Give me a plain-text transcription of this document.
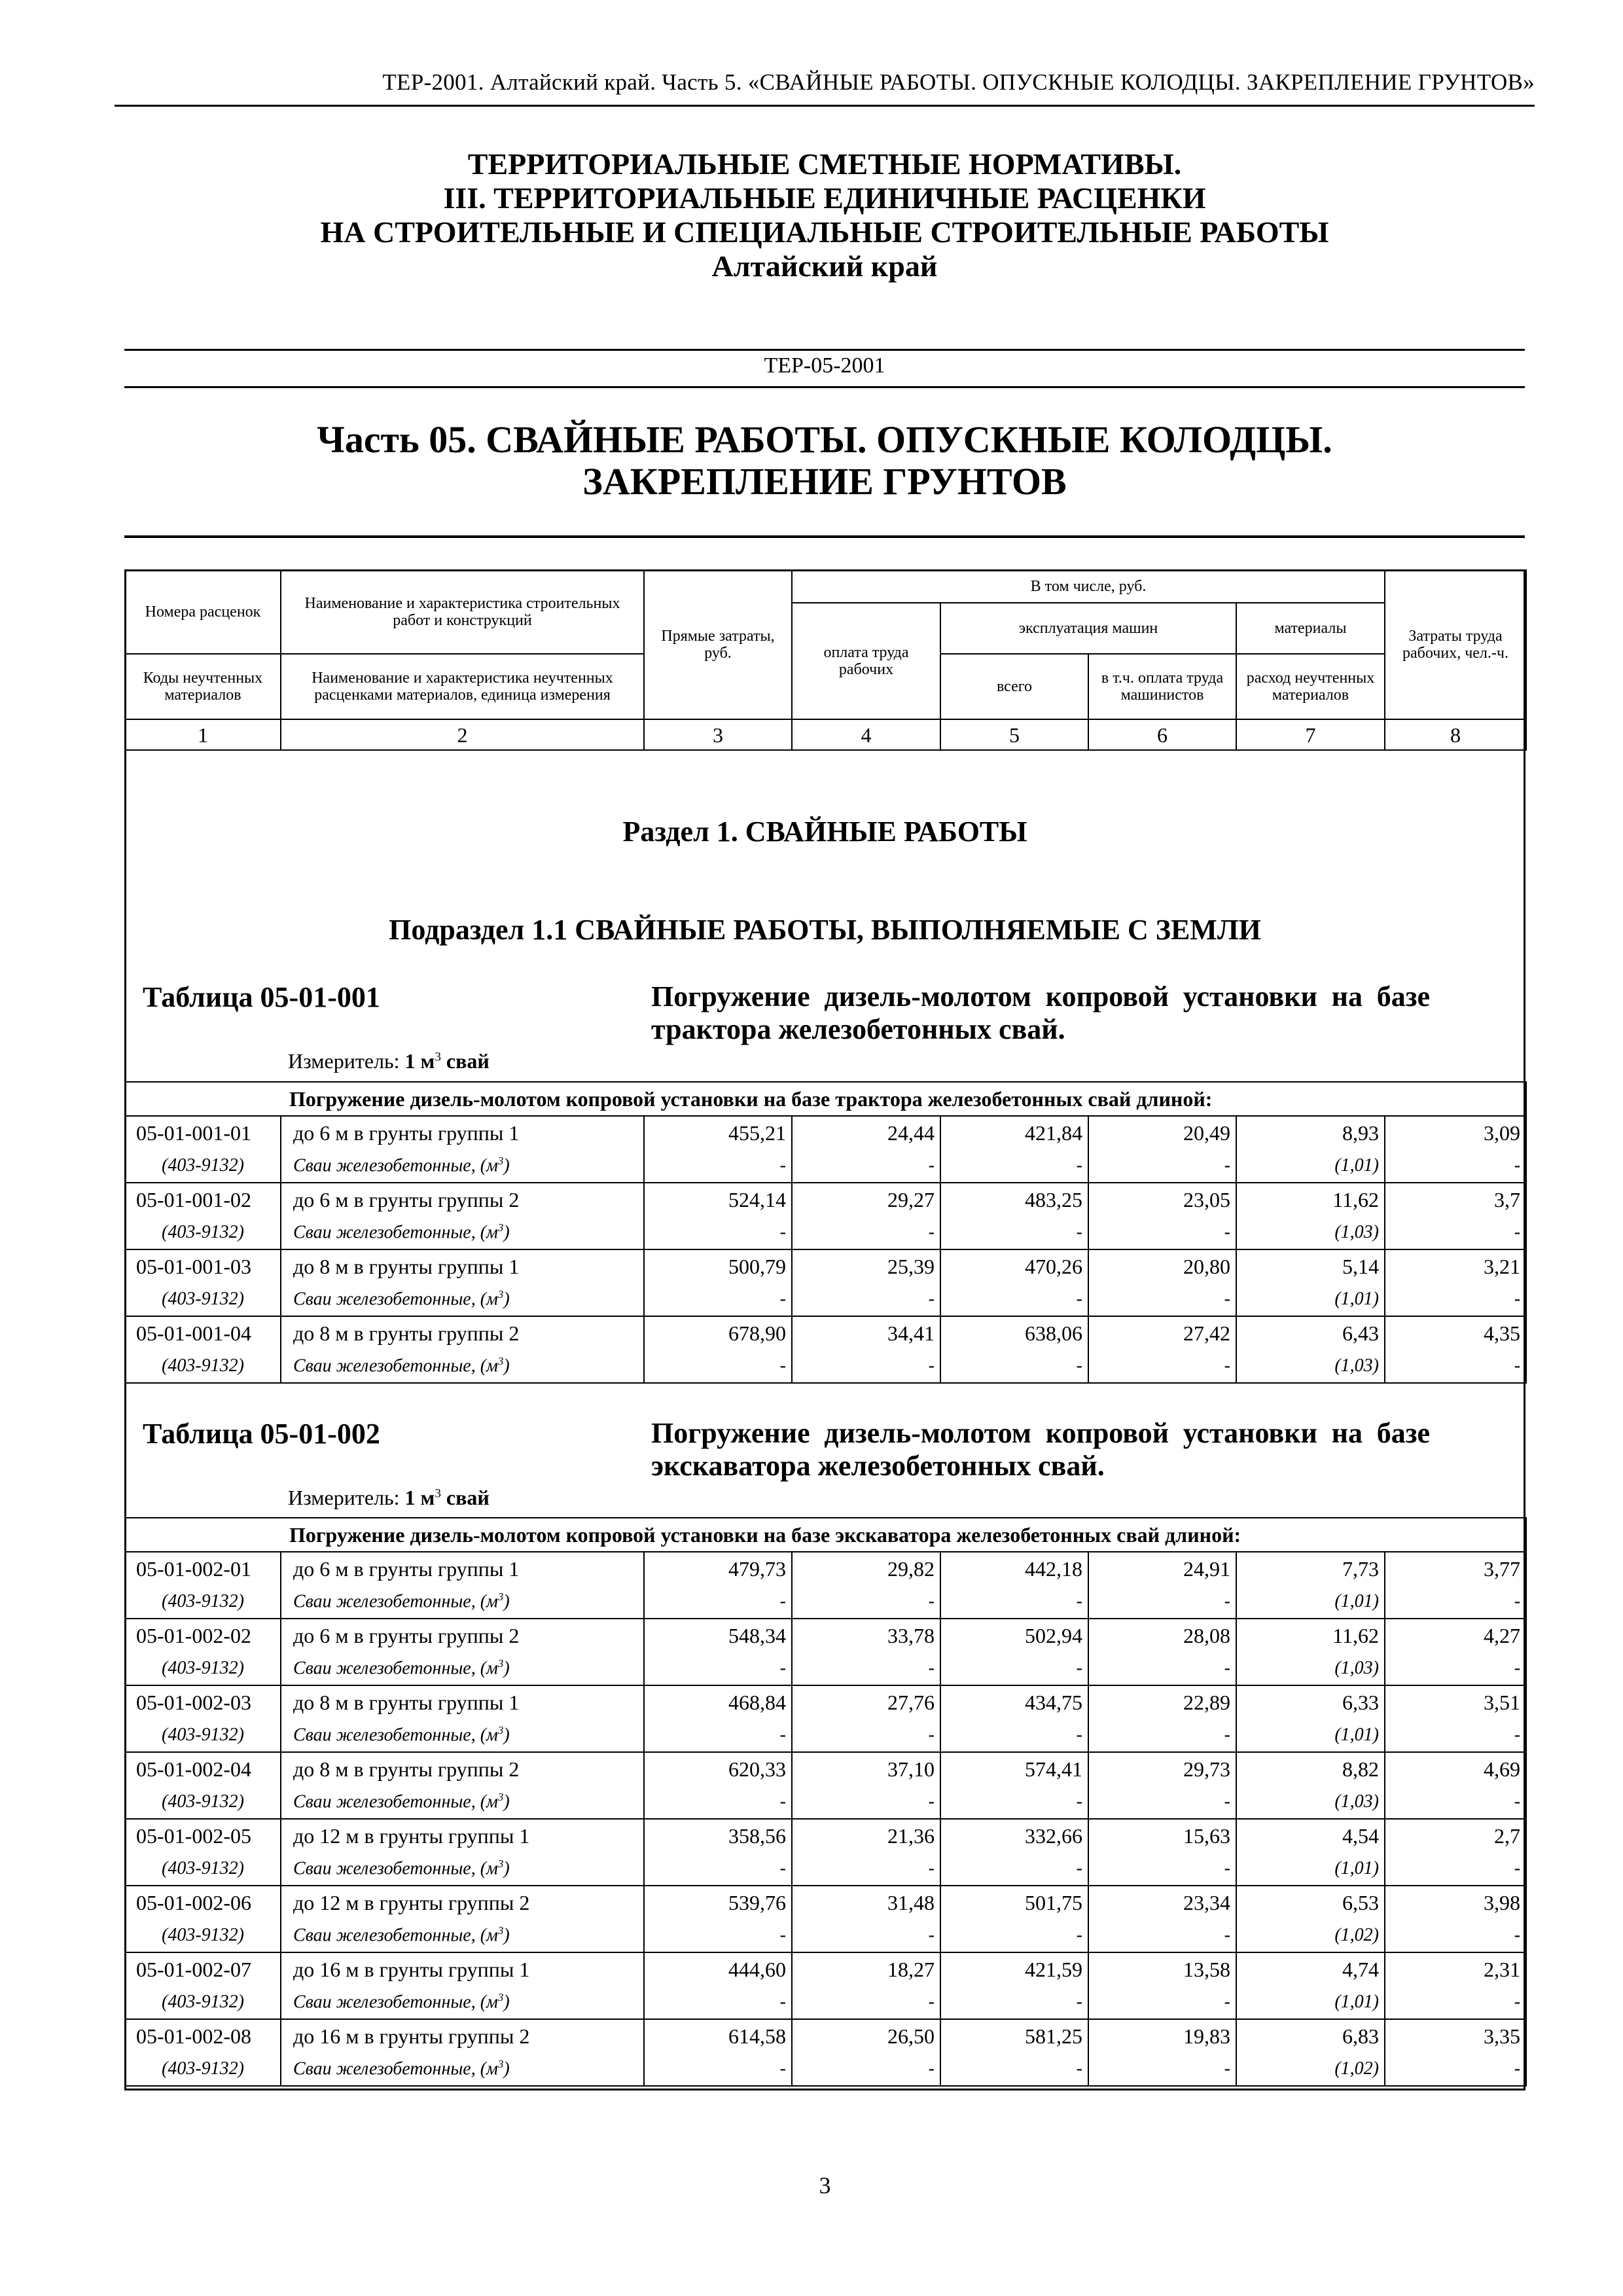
ТЕР-2001. Алтайский край. Часть 5. «СВАЙНЫЕ РАБОТЫ. ОПУСКНЫЕ КОЛОДЦЫ. ЗАКРЕПЛЕНИЕ ГРУНТОВ»
ТЕРРИТОРИАЛЬНЫЕ СМЕТНЫЕ НОРМАТИВЫ.
III. ТЕРРИТОРИАЛЬНЫЕ ЕДИНИЧНЫЕ РАСЦЕНКИ
НА СТРОИТЕЛЬНЫЕ И СПЕЦИАЛЬНЫЕ СТРОИТЕЛЬНЫЕ РАБОТЫ
Алтайский край
ТЕР-05-2001
Часть 05. СВАЙНЫЕ РАБОТЫ. ОПУСКНЫЕ КОЛОДЦЫ.
ЗАКРЕПЛЕНИЕ ГРУНТОВ
Номера расценок	Наименование и характеристика строительных работ и конструкций	Прямые затраты, руб.	В том числе, руб.				Затраты труда рабочих, чел.-ч.
			оплата труда рабочих	эксплуатация машин		материалы	
Коды неучтенных материалов	Наименование и характеристика неучтенных расценками материалов, единица измерения			всего	в т.ч. оплата труда машинистов	расход неучтенных материалов	
1	2	3	4	5	6	7	8
Раздел 1. СВАЙНЫЕ РАБОТЫ
Подраздел 1.1 СВАЙНЫЕ РАБОТЫ, ВЫПОЛНЯЕМЫЕ С ЗЕМЛИ
Таблица 05-01-001	Погружение дизель-молотом копровой установки на базе трактора железобетонных свай.
Измеритель: 1 $м^3$ свай
Погружение дизель-молотом копровой установки на базе трактора железобетонных свай длиной:							
05-01-001-01	до 6 м в грунты группы 1	455,21	24,44	421,84	20,49	8,93	3,09
(403-9132)	Сваи железобетонные, $(м^3)$	-	-	-	-	(1,01)	-
05-01-001-02	до 6 м в грунты группы 2	524,14	29,27	483,25	23,05	11,62	3,7
(403-9132)	Сваи железобетонные, $(м^3)$	-	-	-	-	(1,03)	-
05-01-001-03	до 8 м в грунты группы 1	500,79	25,39	470,26	20,80	5,14	3,21
(403-9132)	Сваи железобетонные, $(м^3)$	-	-	-	-	(1,01)	-
05-01-001-04	до 8 м в грунты группы 2	678,90	34,41	638,06	27,42	6,43	4,35
(403-9132)	Сваи железобетонные, $(м^3)$	-	-	-	-	(1,03)	-
Таблица 05-01-002	Погружение дизель-молотом копровой установки на базе экскаватора железобетонных свай.
Измеритель: 1 $м^3$ свай
Погружение дизель-молотом копровой установки на базе экскаватора железобетонных свай длиной:							
05-01-002-01	до 6 м в грунты группы 1	479,73	29,82	442,18	24,91	7,73	3,77
(403-9132)	Сваи железобетонные, $(м^3)$	-	-	-	-	(1,01)	-
05-01-002-02	до 6 м в грунты группы 2	548,34	33,78	502,94	28,08	11,62	4,27
(403-9132)	Сваи железобетонные, $(м^3)$	-	-	-	-	(1,03)	-
05-01-002-03	до 8 м в грунты группы 1	468,84	27,76	434,75	22,89	6,33	3,51
(403-9132)	Сваи железобетонные, $(м^3)$	-	-	-	-	(1,01)	-
05-01-002-04	до 8 м в грунты группы 2	620,33	37,10	574,41	29,73	8,82	4,69
(403-9132)	Сваи железобетонные, $(м^3)$	-	-	-	-	(1,03)	-
05-01-002-05	до 12 м в грунты группы 1	358,56	21,36	332,66	15,63	4,54	2,7
(403-9132)	Сваи железобетонные, $(м^3)$	-	-	-	-	(1,01)	-
05-01-002-06	до 12 м в грунты группы 2	539,76	31,48	501,75	23,34	6,53	3,98
(403-9132)	Сваи железобетонные, $(м^3)$	-	-	-	-	(1,02)	-
05-01-002-07	до 16 м в грунты группы 1	444,60	18,27	421,59	13,58	4,74	2,31
(403-9132)	Сваи железобетонные, $(м^3)$	-	-	-	-	(1,01)	-
05-01-002-08	до 16 м в грунты группы 2	614,58	26,50	581,25	19,83	6,83	3,35
(403-9132)	Сваи железобетонные, $(м^3)$	-	-	-	-	(1,02)	-
3
